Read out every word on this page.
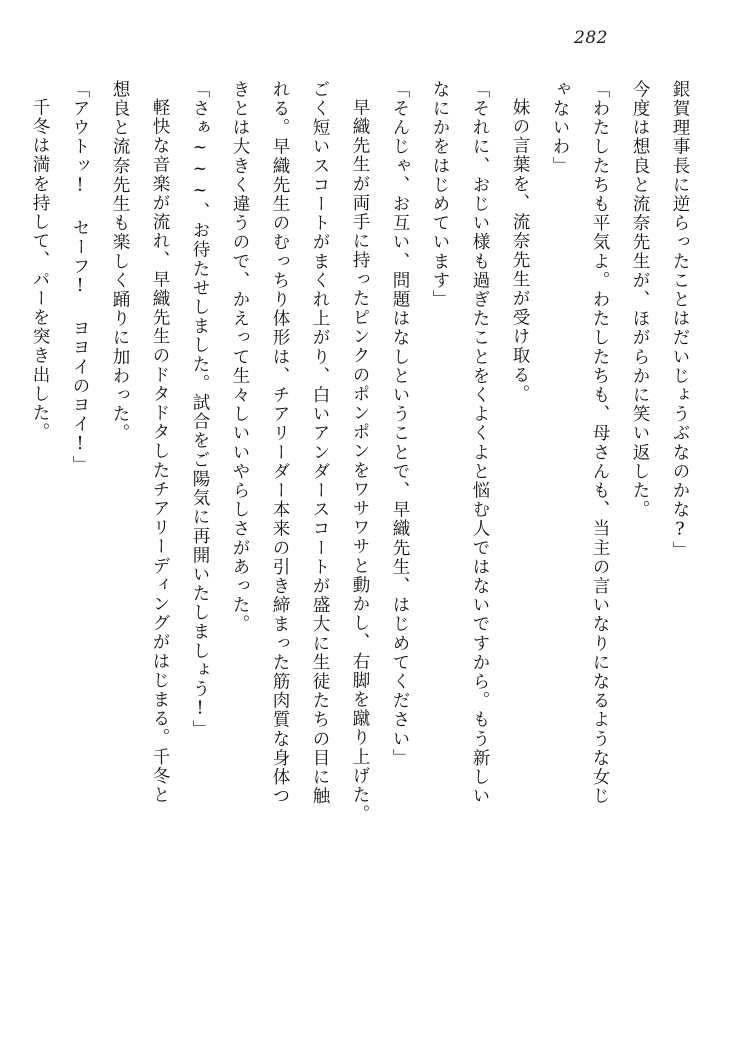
282
銀賀理事長に逆らったことはだいじょうぶなのかな?」
今度は想良と流奈先生が、ほがらかに笑い返した。
「わたしたちも平気よ。わたしたちも、母さんも、当主の言いなりになるような女じ
ゃないわ」
妹の言葉を、流奈先生が受け取る。
「それに、おじい様も過ぎたことをくよくよと悩む人ではないですから。もう新しい
なにかをはじめています」
「そんじゃ、お互い、問題はなしということで、早織先生、はじめてください」
早織先生が両手に持ったピンクのポンポンをワサワサと動かし、右脚を蹴り上げた。
ごく短いスコートがまくれ上がり、白いアンダースコートが盛大に生徒たちの目に触
れる。早織先生のむっちり体形は、チアリーダー本来の引き締まった筋肉質な身体つ
きとは大きく違うので、かえって生々しいいやらしさがあった。
「さぁ~~~、お待たせしました。試合をご陽気に再開いたしましょう!」
軽快な音楽が流れ、早織先生のドタドタしたチアリーディングがはじまる。千冬と
想良と流奈先生も楽しく踊りに加わった。
「アウトッ! セーフ! ヨヨイのヨイ!」
千冬は満を持して、パーを突き出した。
